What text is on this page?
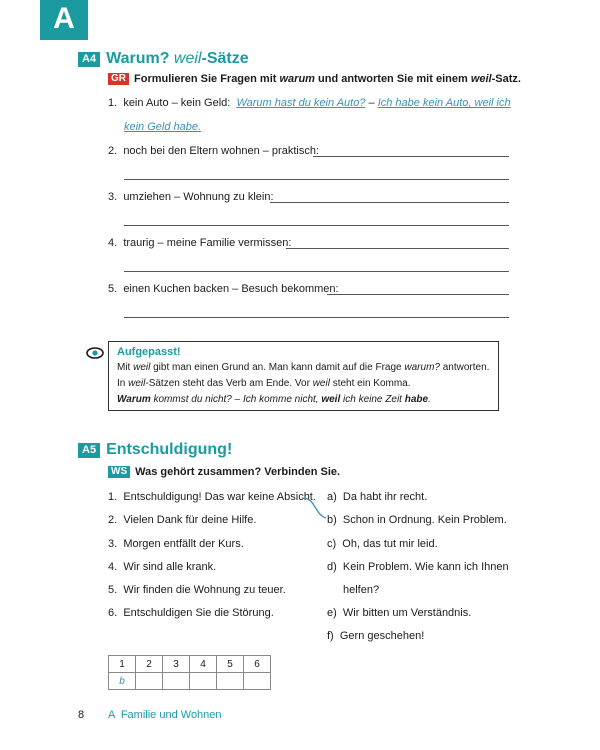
A
A4 Warum? weil-Sätze
GR Formulieren Sie Fragen mit warum und antworten Sie mit einem weil-Satz.
1. kein Auto – kein Geld: Warum hast du kein Auto? – Ich habe kein Auto, weil ich
kein Geld habe.
2. noch bei den Eltern wohnen – praktisch:
3. umziehen – Wohnung zu klein:
4. traurig – meine Familie vermissen:
5. einen Kuchen backen – Besuch bekommen:
Aufgepasst!
Mit weil gibt man einen Grund an. Man kann damit auf die Frage warum? antworten.
In weil-Sätzen steht das Verb am Ende. Vor weil steht ein Komma.
Warum kommst du nicht? – Ich komme nicht, weil ich keine Zeit habe.
A5 Entschuldigung!
WS Was gehört zusammen? Verbinden Sie.
1. Entschuldigung! Das war keine Absicht.
2. Vielen Dank für deine Hilfe.
3. Morgen entfällt der Kurs.
4. Wir sind alle krank.
5. Wir finden die Wohnung zu teuer.
6. Entschuldigen Sie die Störung.
a) Da habt ihr recht.
b) Schon in Ordnung. Kein Problem.
c) Oh, das tut mir leid.
d) Kein Problem. Wie kann ich Ihnen
helfen?
e) Wir bitten um Verständnis.
f) Gern geschehen!
1	2	3	4	5	6
b					
8 A  Familie und Wohnen
